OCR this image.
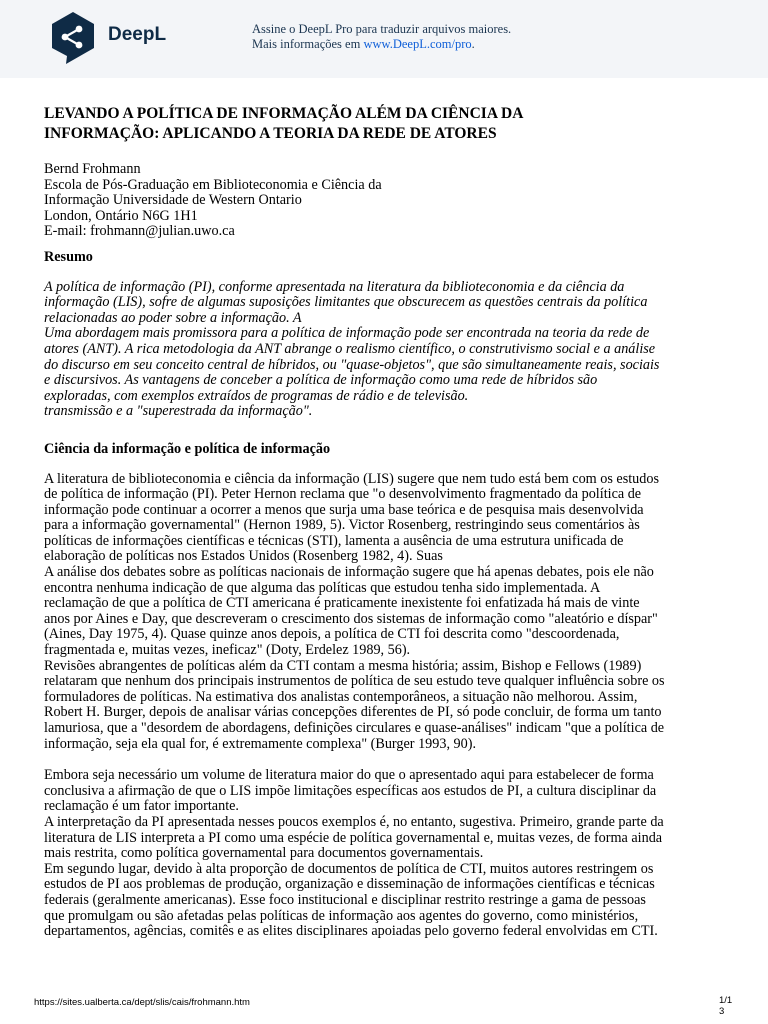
DeepL	Assine o DeepL Pro para traduzir arquivos maiores.
Mais informações em www.DeepL.com/pro.
LEVANDO A POLÍTICA DE INFORMAÇÃO ALÉM DA CIÊNCIA DA
INFORMAÇÃO: APLICANDO A TEORIA DA REDE DE ATORES
Bernd Frohmann
Escola de Pós-Graduação em Biblioteconomia e Ciência da
Informação Universidade de Western Ontario
London, Ontário N6G 1H1
E-mail: frohmann@julian.uwo.ca
Resumo
A política de informação (PI), conforme apresentada na literatura da biblioteconomia e da ciência da
informação (LIS), sofre de algumas suposições limitantes que obscurecem as questões centrais da política
relacionadas ao poder sobre a informação. A
Uma abordagem mais promissora para a política de informação pode ser encontrada na teoria da rede de
atores (ANT). A rica metodologia da ANT abrange o realismo científico, o construtivismo social e a análise
do discurso em seu conceito central de híbridos, ou "quase-objetos", que são simultaneamente reais, sociais
e discursivos. As vantagens de conceber a política de informação como uma rede de híbridos são
exploradas, com exemplos extraídos de programas de rádio e de televisão.
transmissão e a "superestrada da informação".
Ciência da informação e política de informação
A literatura de biblioteconomia e ciência da informação (LIS) sugere que nem tudo está bem com os estudos
de política de informação (PI). Peter Hernon reclama que "o desenvolvimento fragmentado da política de
informação pode continuar a ocorrer a menos que surja uma base teórica e de pesquisa mais desenvolvida
para a informação governamental" (Hernon 1989, 5). Victor Rosenberg, restringindo seus comentários às
políticas de informações científicas e técnicas (STI), lamenta a ausência de uma estrutura unificada de
elaboração de políticas nos Estados Unidos (Rosenberg 1982, 4). Suas
A análise dos debates sobre as políticas nacionais de informação sugere que há apenas debates, pois ele não
encontra nenhuma indicação de que alguma das políticas que estudou tenha sido implementada. A
reclamação de que a política de CTI americana é praticamente inexistente foi enfatizada há mais de vinte
anos por Aines e Day, que descreveram o crescimento dos sistemas de informação como "aleatório e díspar"
(Aines, Day 1975, 4). Quase quinze anos depois, a política de CTI foi descrita como "descoordenada,
fragmentada e, muitas vezes, ineficaz" (Doty, Erdelez 1989, 56).
Revisões abrangentes de políticas além da CTI contam a mesma história; assim, Bishop e Fellows (1989)
relataram que nenhum dos principais instrumentos de política de seu estudo teve qualquer influência sobre os
formuladores de políticas. Na estimativa dos analistas contemporâneos, a situação não melhorou. Assim,
Robert H. Burger, depois de analisar várias concepções diferentes de PI, só pode concluir, de forma um tanto
lamuriosa, que a "desordem de abordagens, definições circulares e quase-análises" indicam "que a política de
informação, seja ela qual for, é extremamente complexa" (Burger 1993, 90).
Embora seja necessário um volume de literatura maior do que o apresentado aqui para estabelecer de forma
conclusiva a afirmação de que o LIS impõe limitações específicas aos estudos de PI, a cultura disciplinar da
reclamação é um fator importante.
A interpretação da PI apresentada nesses poucos exemplos é, no entanto, sugestiva. Primeiro, grande parte da
literatura de LIS interpreta a PI como uma espécie de política governamental e, muitas vezes, de forma ainda
mais restrita, como política governamental para documentos governamentais.
Em segundo lugar, devido à alta proporção de documentos de política de CTI, muitos autores restringem os
estudos de PI aos problemas de produção, organização e disseminação de informações científicas e técnicas
federais (geralmente americanas). Esse foco institucional e disciplinar restrito restringe a gama de pessoas
que promulgam ou são afetadas pelas políticas de informação aos agentes do governo, como ministérios,
departamentos, agências, comitês e as elites disciplinares apoiadas pelo governo federal envolvidas em CTI.
https://sites.ualberta.ca/dept/slis/cais/frohmann.htm	1/1
3
